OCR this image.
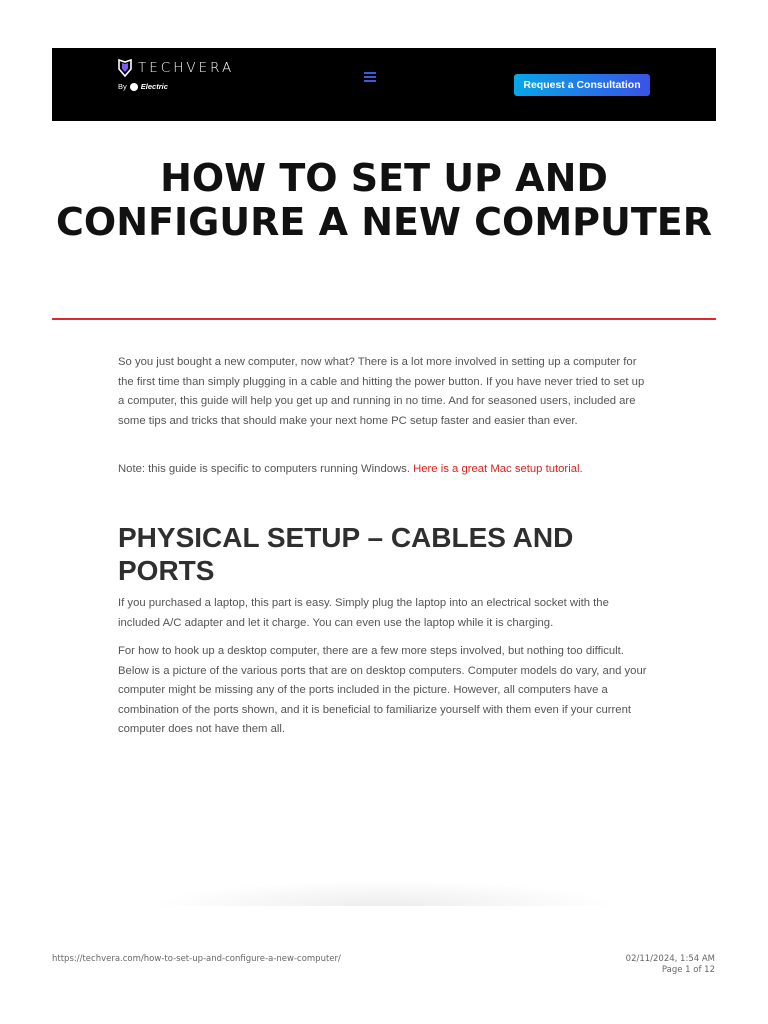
TECHVERA
By Electric	Request a Consultation
HOW TO SET UP AND CONFIGURE A NEW COMPUTER

So you just bought a new computer, now what? There is a lot more involved in setting up a computer for the first time than simply plugging in a cable and hitting the power button. If you have never tried to set up a computer, this guide will help you get up and running in no time. And for seasoned users, included are some tips and tricks that should make your next home PC setup faster and easier than ever.

Note: this guide is specific to computers running Windows. Here is a great Mac setup tutorial.

PHYSICAL SETUP – CABLES AND PORTS

If you purchased a laptop, this part is easy. Simply plug the laptop into an electrical socket with the included A/C adapter and let it charge. You can even use the laptop while it is charging.

For how to hook up a desktop computer, there are a few more steps involved, but nothing too difficult. Below is a picture of the various ports that are on desktop computers. Computer models do vary, and your computer might be missing any of the ports included in the picture. However, all computers have a combination of the ports shown, and it is beneficial to familiarize yourself with them even if your current computer does not have them all.

https://techvera.com/how-to-set-up-and-configure-a-new-computer/	02/11/2024, 1:54 AM
Page 1 of 12
